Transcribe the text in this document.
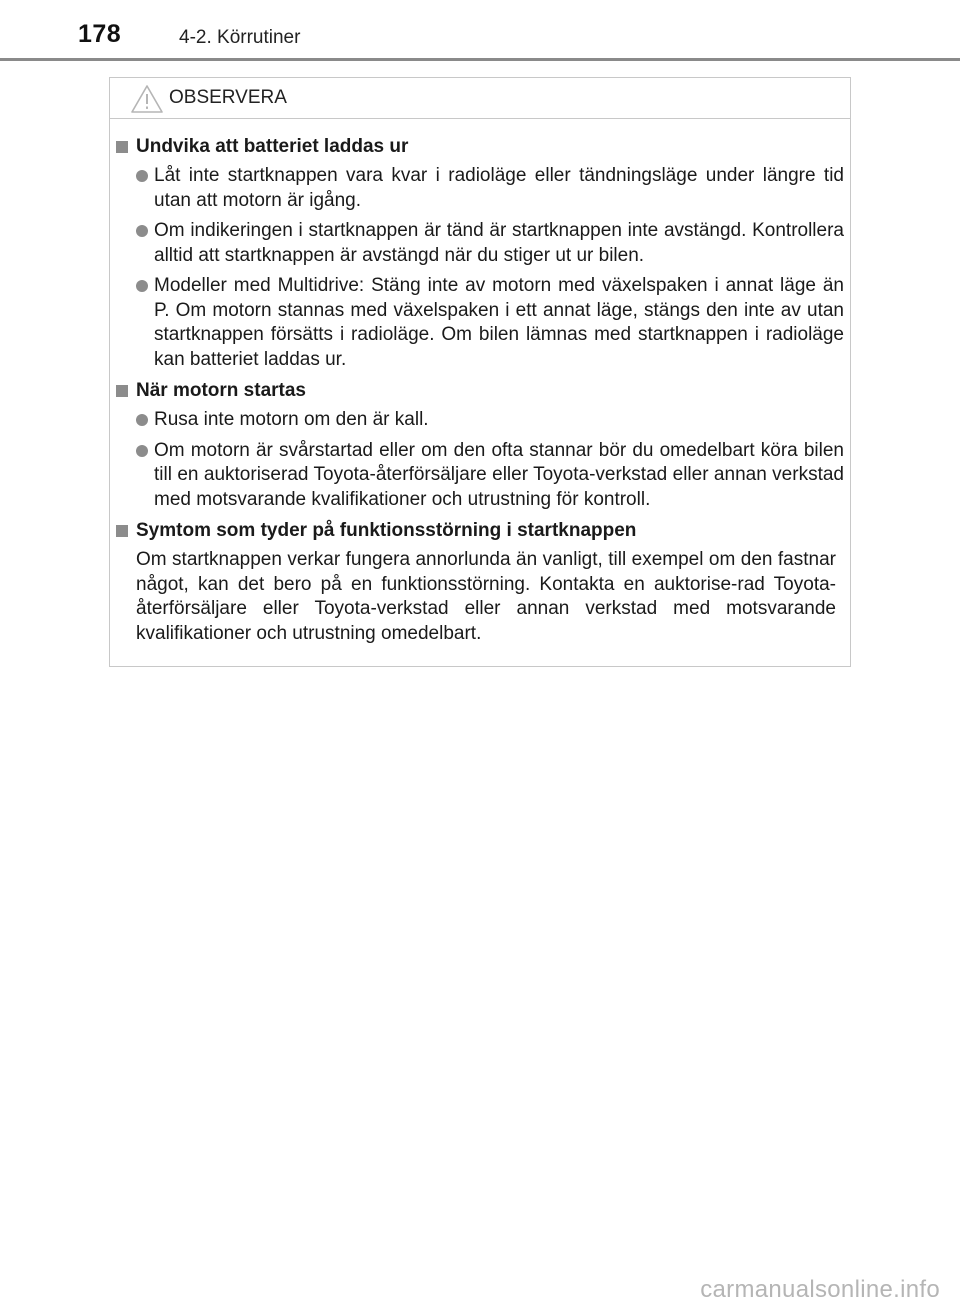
178	4-2. Körrutiner
OBSERVERA
Undvika att batteriet laddas ur
Låt inte startknappen vara kvar i radioläge eller tändningsläge under längre tid utan att motorn är igång.
Om indikeringen i startknappen är tänd är startknappen inte avstängd. Kontrollera alltid att startknappen är avstängd när du stiger ut ur bilen.
Modeller med Multidrive: Stäng inte av motorn med växelspaken i annat läge än P. Om motorn stannas med växelspaken i ett annat läge, stängs den inte av utan startknappen försätts i radioläge. Om bilen lämnas med startknappen i radioläge kan batteriet laddas ur.
När motorn startas
Rusa inte motorn om den är kall.
Om motorn är svårstartad eller om den ofta stannar bör du omedelbart köra bilen till en auktoriserad Toyota-återförsäljare eller Toyota-verkstad eller annan verkstad med motsvarande kvalifikationer och utrustning för kontroll.
Symtom som tyder på funktionsstörning i startknappen
Om startknappen verkar fungera annorlunda än vanligt, till exempel om den fastnar något, kan det bero på en funktionsstörning. Kontakta en auktorise-rad Toyota-återförsäljare eller Toyota-verkstad eller annan verkstad med motsvarande kvalifikationer och utrustning omedelbart.
carmanualsonline.info
